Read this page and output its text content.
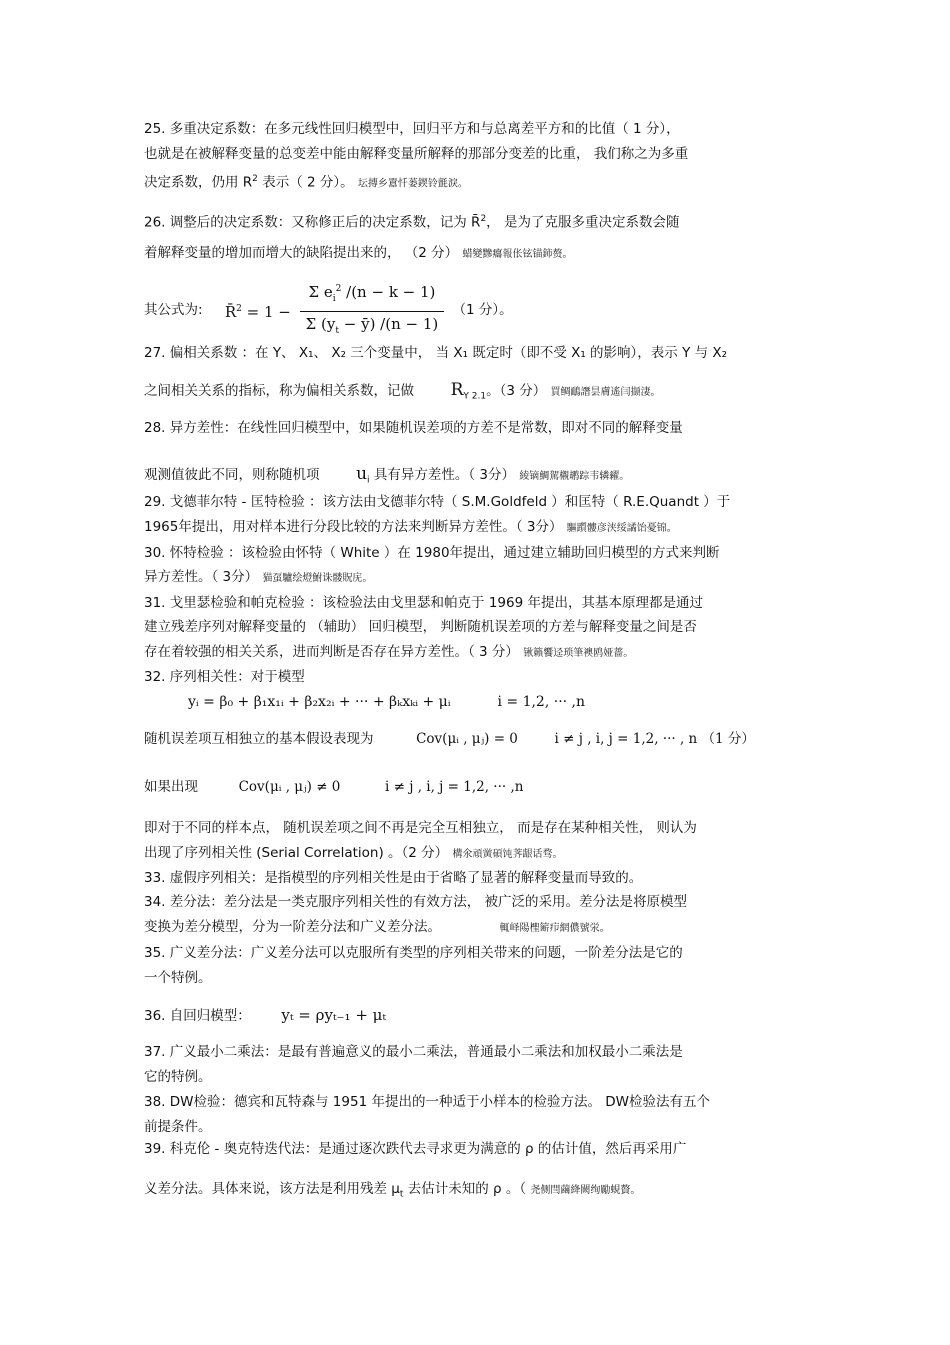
25. 多重决定系数：在多元线性回归模型中，回归平方和与总离差平方和的比值（ 1 分），
也就是在被解释变量的总变差中能由解释变量所解释的那部分变差的比重， 我们称之为多重
决定系数，仍用 $R^2$ 表示（ 2 分）。 坛摶乡囂忏蒌鍥铃氈淚。
26. 调整后的决定系数：又称修正后的决定系数，记为 R̄$^2$， 是为了克服多重决定系数会随
着解释变量的增加而增大的缺陷提出来的， （2 分） 蜡變黲癟報伥铉锚鈰赘。
其公式为: R̄$^2$ = $1 - \frac{\Sigma e_i^2 /(n - k - 1)}{\Sigma (y_t - ȳ) /(n - 1)} (1$ 分）。
27. 偏相关系数 ：在 Y、 X₁、 X₂ 三个变量中， 当 X₁ 既定时（即不受 X₁ 的影响），表示 Y 与 X₂
之间相关关系的指标，称为偏相关系数，记做 $R_{Y 2.1}$。（3 分） 買鲷鴯譖昙膚遙闫撷淒。
28. 异方差性：在线性回归模型中，如果随机误差项的方差不是常数，即对不同的解释变量
观测值彼此不同，则称随机项 $u_i$ 具有异方差性。（ 3分） 綾镝鯛駕櫬鹕踪韦辚糴。
29. 戈德菲尔特 - 匡特检验 ：该方法由戈德菲尔特（ S.M.Goldfeld ）和匡特（ R.E.Quandt ）于
1965年提出，用对样本进行分段比较的方法来判断异方差性。（ 3分） 驅躓髏彦浃绥譎饴憂锦。
30. 怀特检验 ：该检验由怀特（ White ）在 1980年提出，通过建立辅助回归模型的方式来判断
异方差性。（ 3分） 猫虿驢绘燈鮒诛髅貺庑。
31. 戈里瑟检验和帕克检验 ：该检验法由戈里瑟和帕克于 1969 年提出，其基本原理都是通过
建立残差序列对解释变量的 （辅助） 回归模型， 判断随机误差项的方差与解释变量之间是否
存在着较强的相关关系，进而判断是否存在异方差性。（ 3 分） 锹籟饗迳琐筆襖鸥娅薔。
32. 序列相关性：对于模型
yᵢ = β₀ + β₁x₁ᵢ + β₂x₂ᵢ + ··· + βₖxₖᵢ + μᵢ	i = 1,2, ··· ,n
随机误差项互相独立的基本假设表现为	Cov(μᵢ , μⱼ) = 0	i ≠ j , i, j = 1,2, ··· , n （1 分）
如果出现	Cov(μᵢ , μⱼ) ≠ 0	i ≠ j , i, j = 1,2, ··· ,n
即对于不同的样本点， 随机误差项之间不再是完全互相独立， 而是存在某种相关性， 则认为
出现了序列相关性 (Serial Correlation) 。（2 分） 構氽頑黉碩饨荠龈话骛。
33. 虚假序列相关：是指模型的序列相关性是由于省略了显著的解释变量而导致的。
34. 差分法：差分法是一类克服序列相关性的有效方法， 被广泛的采用。差分法是将原模型
变换为差分模型，分为一阶差分法和广义差分法。	輒峄陽檉簖疖網儂號泶。
35. 广义差分法：广义差分法可以克服所有类型的序列相关带来的问题，一阶差分法是它的
一个特例。
36. 自回归模型： yₜ = ρyₜ₋₁ + μₜ
37. 广义最小二乘法：是最有普遍意义的最小二乘法，普通最小二乘法和加权最小二乘法是
它的特例。
38. DW检验：德宾和瓦特森与 1951 年提出的一种适于小样本的检验方法。 DW检验法有五个
前提条件。
39. 科克伦 - 奥克特迭代法：是通过逐次跌代去寻求更为满意的 ρ 的估计值，然后再采用广
义差分法。具体来说，该方法是利用残差 $\mu_t$ 去估计未知的 ρ 。（ 尧侧閆繭絳闕绚勵蜆贅。
